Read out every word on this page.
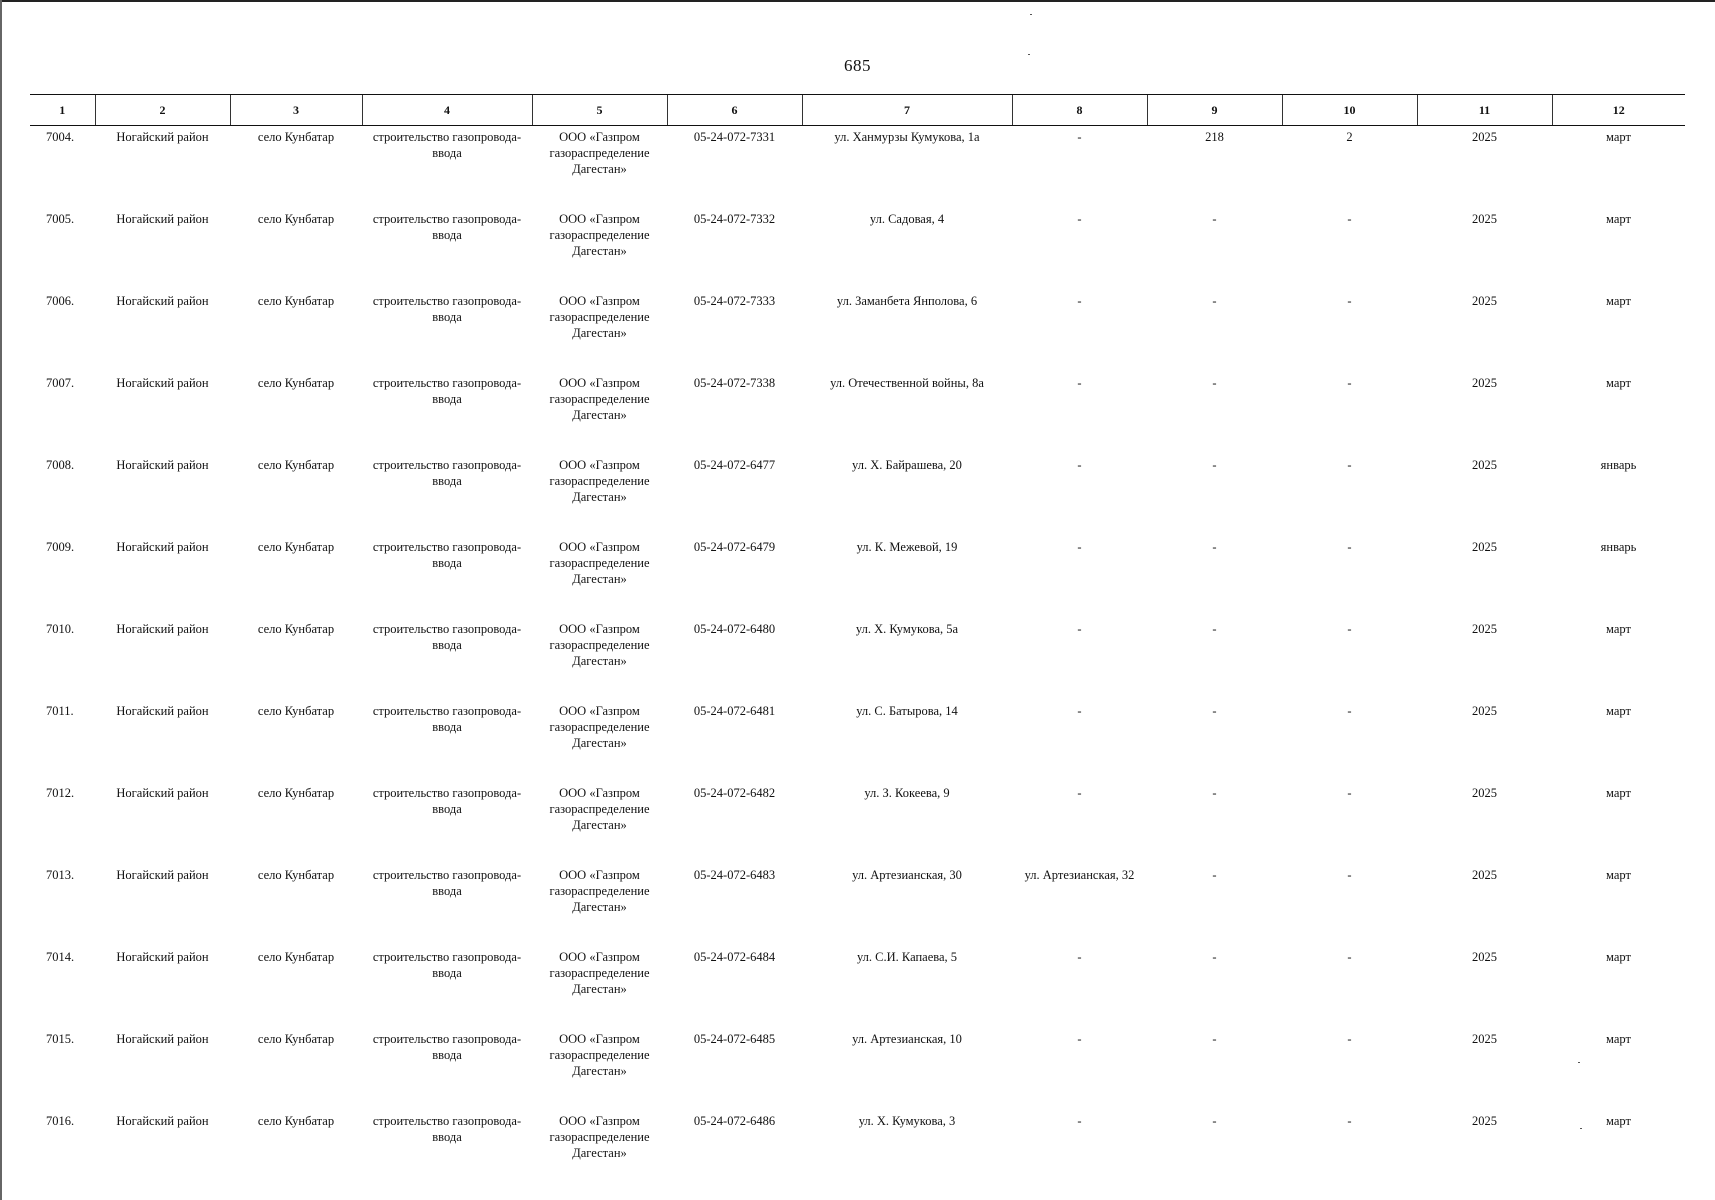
685
1	2	3	4	5	6	7	8	9	10	11	12
7004.	Ногайский район	село Кунбатар	строительство газопровода-ввода	ООО «Газпром газораспределение Дагестан»	05-24-072-7331	ул. Ханмурзы Кумукова, 1а	-	218	2	2025	март
7005.	Ногайский район	село Кунбатар	строительство газопровода-ввода	ООО «Газпром газораспределение Дагестан»	05-24-072-7332	ул. Садовая, 4	-	-	-	2025	март
7006.	Ногайский район	село Кунбатар	строительство газопровода-ввода	ООО «Газпром газораспределение Дагестан»	05-24-072-7333	ул. Заманбета Янполова, 6	-	-	-	2025	март
7007.	Ногайский район	село Кунбатар	строительство газопровода-ввода	ООО «Газпром газораспределение Дагестан»	05-24-072-7338	ул. Отечественной войны, 8а	-	-	-	2025	март
7008.	Ногайский район	село Кунбатар	строительство газопровода-ввода	ООО «Газпром газораспределение Дагестан»	05-24-072-6477	ул. Х. Байрашева, 20	-	-	-	2025	январь
7009.	Ногайский район	село Кунбатар	строительство газопровода-ввода	ООО «Газпром газораспределение Дагестан»	05-24-072-6479	ул. К. Межевой, 19	-	-	-	2025	январь
7010.	Ногайский район	село Кунбатар	строительство газопровода-ввода	ООО «Газпром газораспределение Дагестан»	05-24-072-6480	ул. Х. Кумукова, 5а	-	-	-	2025	март
7011.	Ногайский район	село Кунбатар	строительство газопровода-ввода	ООО «Газпром газораспределение Дагестан»	05-24-072-6481	ул. С. Батырова, 14	-	-	-	2025	март
7012.	Ногайский район	село Кунбатар	строительство газопровода-ввода	ООО «Газпром газораспределение Дагестан»	05-24-072-6482	ул. З. Кокеева, 9	-	-	-	2025	март
7013.	Ногайский район	село Кунбатар	строительство газопровода-ввода	ООО «Газпром газораспределение Дагестан»	05-24-072-6483	ул. Артезианская, 30	ул. Артезианская, 32	-	-	2025	март
7014.	Ногайский район	село Кунбатар	строительство газопровода-ввода	ООО «Газпром газораспределение Дагестан»	05-24-072-6484	ул. С.И. Капаева, 5	-	-	-	2025	март
7015.	Ногайский район	село Кунбатар	строительство газопровода-ввода	ООО «Газпром газораспределение Дагестан»	05-24-072-6485	ул. Артезианская, 10	-	-	-	2025	март
7016.	Ногайский район	село Кунбатар	строительство газопровода-ввода	ООО «Газпром газораспределение Дагестан»	05-24-072-6486	ул. Х. Кумукова, 3	-	-	-	2025	март
